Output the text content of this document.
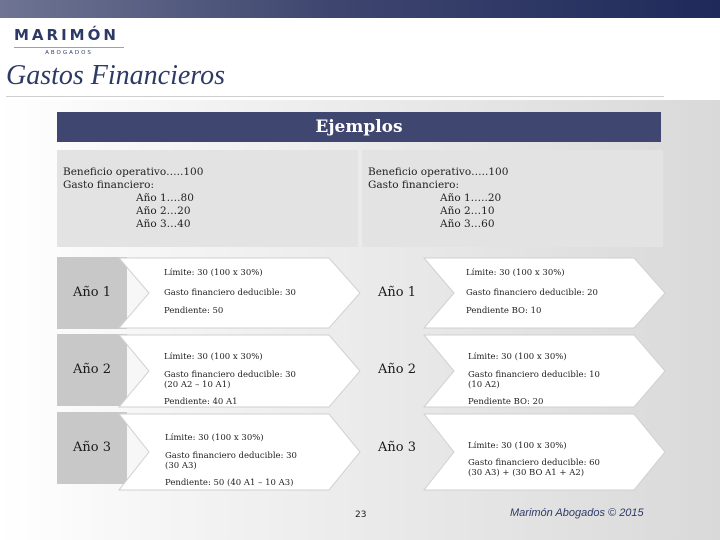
MARIMÓN
ABOGADOS
Gastos Financieros
Ejemplos
Beneficio operativo…..100
Gasto financiero:
Año 1….80
Año 2…20
Año 3…40
Beneficio operativo…..100
Gasto financiero:
Año 1…..20
Año 2…10
Año 3…60
Año 1
Límite: 30 (100 x 30%)
Gasto financiero deducible: 30
Pendiente: 50
Año 2
Límite: 30 (100 x 30%)
Gasto financiero deducible: 30
(20 A2 – 10 A1)
Pendiente: 40 A1
Año 3
Límite: 30 (100 x 30%)
Gasto financiero deducible: 30
(30 A3)
Pendiente: 50 (40 A1 – 10 A3)
Año 1
Límite: 30 (100 x 30%)
Gasto financiero deducible: 20
Pendiente BO: 10
Año 2
Límite: 30 (100 x 30%)
Gasto financiero deducible: 10
(10 A2)
Pendiente BO: 20
Año 3	Límite: 30 (100 x 30%)
Gasto financiero deducible: 60
(30 A3) + (30 BO A1 + A2)
23	Marimón Abogados © 2015
